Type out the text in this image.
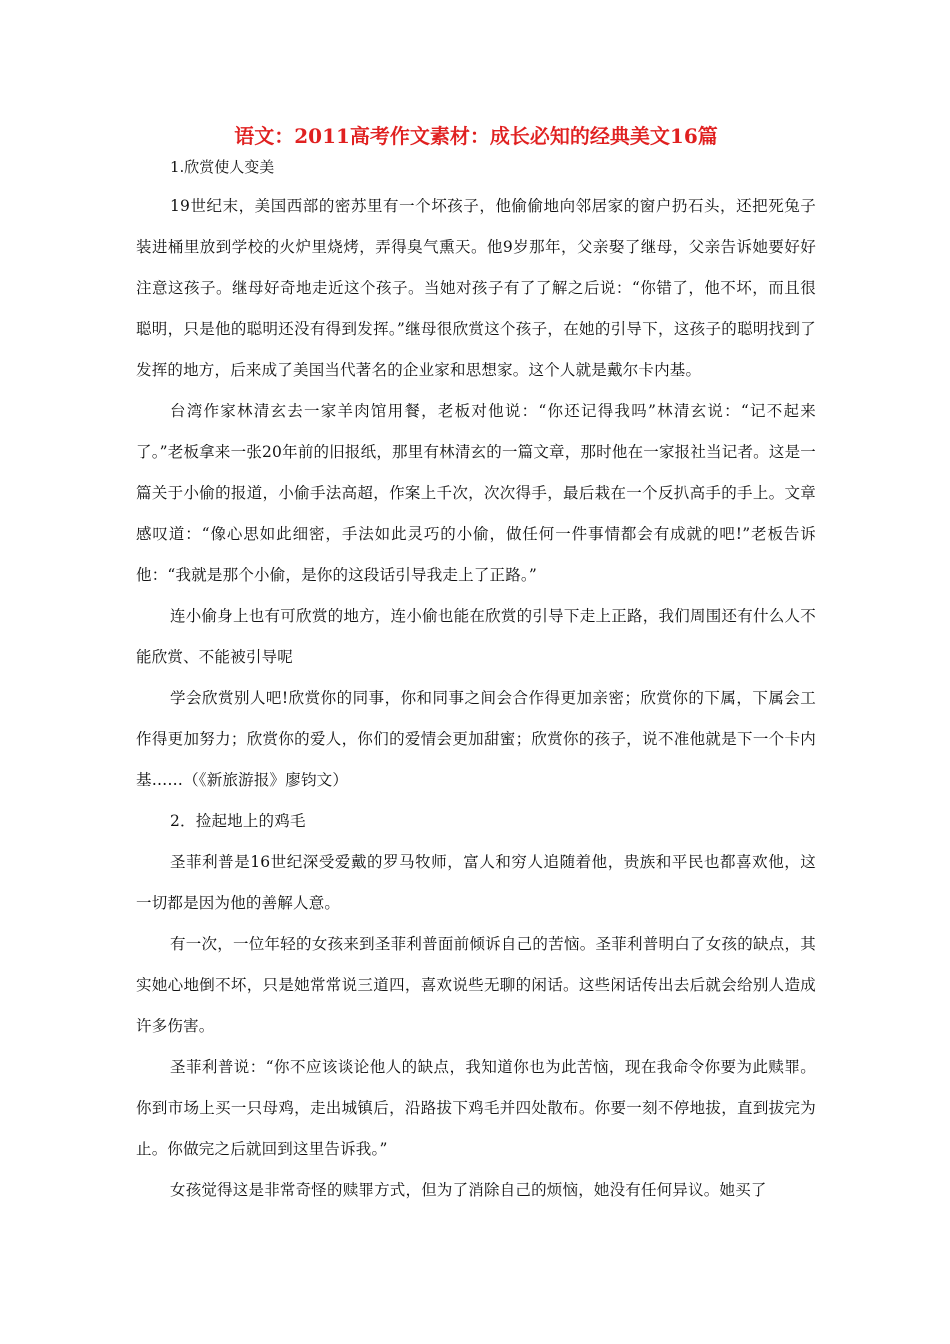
语文：2011高考作文素材：成长必知的经典美文16篇

1.欣赏使人变美

19世纪末，美国西部的密苏里有一个坏孩子，他偷偷地向邻居家的窗户扔石头，还把死兔子装进桶里放到学校的火炉里烧烤，弄得臭气熏天。他9岁那年，父亲娶了继母，父亲告诉她要好好注意这孩子。继母好奇地走近这个孩子。当她对孩子有了了解之后说：“你错了，他不坏，而且很聪明，只是他的聪明还没有得到发挥。”继母很欣赏这个孩子，在她的引导下，这孩子的聪明找到了发挥的地方，后来成了美国当代著名的企业家和思想家。这个人就是戴尔卡内基。

台湾作家林清玄去一家羊肉馆用餐，老板对他说：“你还记得我吗”林清玄说：“记不起来了。”老板拿来一张20年前的旧报纸，那里有林清玄的一篇文章，那时他在一家报社当记者。这是一篇关于小偷的报道，小偷手法高超，作案上千次，次次得手，最后栽在一个反扒高手的手上。文章感叹道：“像心思如此细密，手法如此灵巧的小偷，做任何一件事情都会有成就的吧!”老板告诉他：“我就是那个小偷，是你的这段话引导我走上了正路。”

连小偷身上也有可欣赏的地方，连小偷也能在欣赏的引导下走上正路，我们周围还有什么人不能欣赏、不能被引导呢

学会欣赏别人吧!欣赏你的同事，你和同事之间会合作得更加亲密；欣赏你的下属，下属会工作得更加努力；欣赏你的爱人，你们的爱情会更加甜蜜；欣赏你的孩子，说不准他就是下一个卡内基……（《新旅游报》廖钧文）

2．捡起地上的鸡毛

圣菲利普是16世纪深受爱戴的罗马牧师，富人和穷人追随着他，贵族和平民也都喜欢他，这一切都是因为他的善解人意。

有一次，一位年轻的女孩来到圣菲利普面前倾诉自己的苦恼。圣菲利普明白了女孩的缺点，其实她心地倒不坏，只是她常常说三道四，喜欢说些无聊的闲话。这些闲话传出去后就会给别人造成许多伤害。

圣菲利普说：“你不应该谈论他人的缺点，我知道你也为此苦恼，现在我命令你要为此赎罪。你到市场上买一只母鸡，走出城镇后，沿路拔下鸡毛并四处散布。你要一刻不停地拔，直到拔完为止。你做完之后就回到这里告诉我。”

女孩觉得这是非常奇怪的赎罪方式，但为了消除自己的烦恼，她没有任何异议。她买了
